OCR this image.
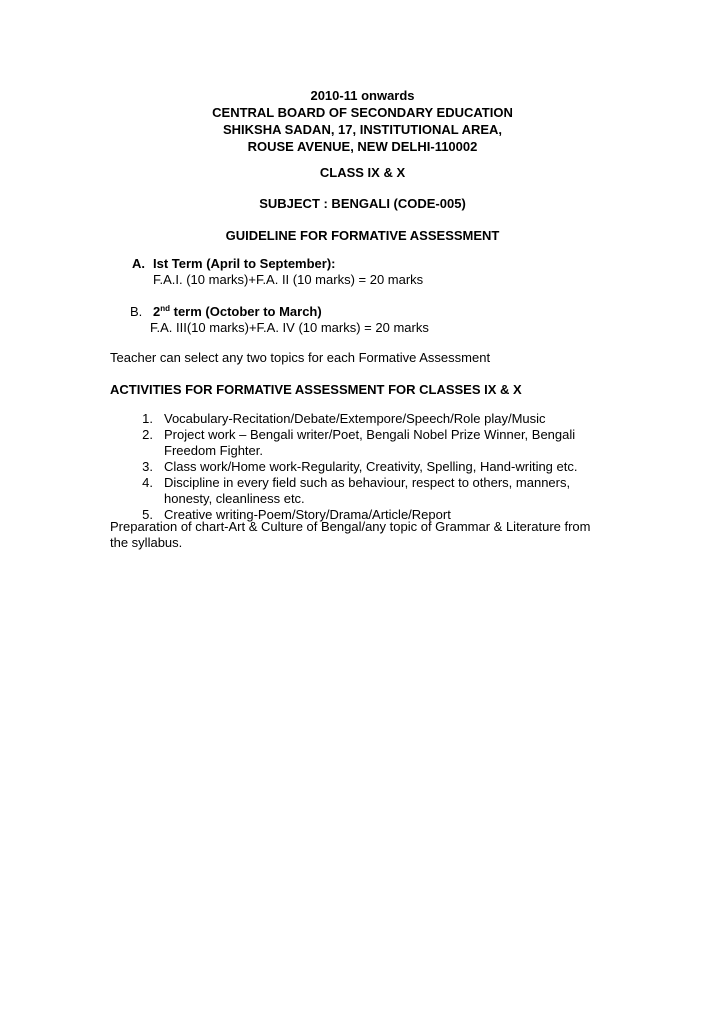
2010-11 onwards
CENTRAL BOARD OF SECONDARY EDUCATION
SHIKSHA SADAN, 17, INSTITUTIONAL AREA,
ROUSE AVENUE, NEW DELHI-110002
CLASS IX & X
SUBJECT : BENGALI (CODE-005)
GUIDELINE FOR FORMATIVE ASSESSMENT
A. Ist Term (April to September):
F.A.I. (10 marks)+F.A. II (10 marks) = 20 marks
B. 2nd term (October to March)
F.A. III(10 marks)+F.A. IV (10 marks) = 20 marks
Teacher can select any two topics for each Formative Assessment
ACTIVITIES FOR FORMATIVE ASSESSMENT FOR CLASSES IX & X
1. Vocabulary-Recitation/Debate/Extempore/Speech/Role play/Music
2. Project work – Bengali writer/Poet, Bengali Nobel Prize Winner, Bengali
Freedom Fighter.
3. Class work/Home work-Regularity, Creativity, Spelling, Hand-writing etc.
4. Discipline in every field such as behaviour, respect to others, manners,
honesty, cleanliness etc.
5. Creative writing-Poem/Story/Drama/Article/Report
Preparation of chart-Art & Culture of Bengal/any topic of Grammar & Literature from
the syllabus.
